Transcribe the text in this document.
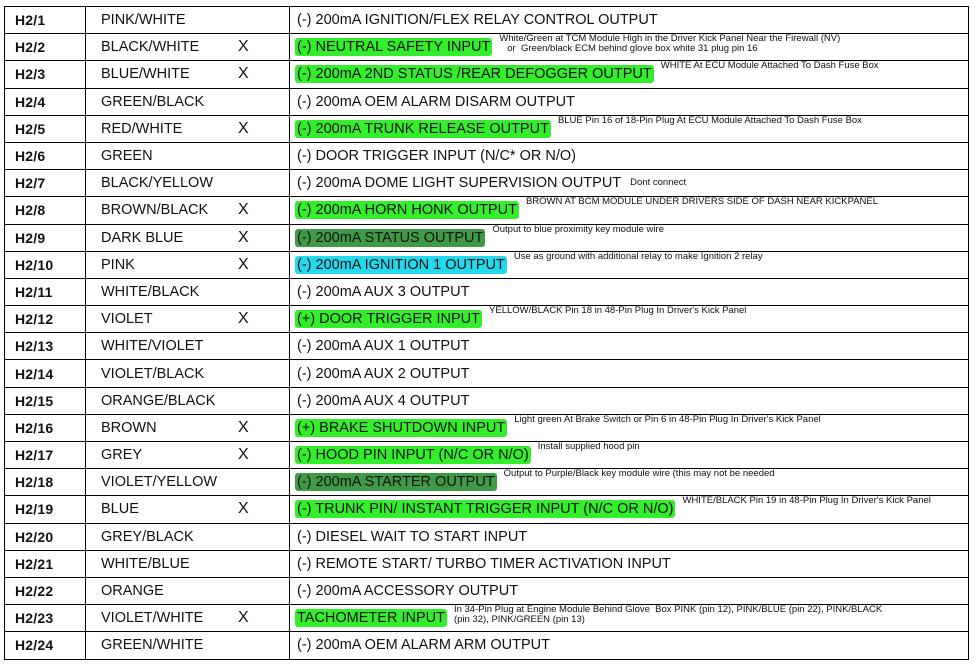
H2/1	PINK/WHITE	(-) 200mA IGNITION/FLEX RELAY CONTROL OUTPUT
H2/2	BLACK/WHITE X	(-) NEUTRAL SAFETY INPUTWhite/Green at TCM Module High in the Driver Kick Panel Near the Firewall (NV)
or  Green/black ECM behind glove box white 31 plug pin 16
H2/3	BLUE/WHITE X	(-) 200mA 2ND STATUS /REAR DEFOGGER OUTPUTWHITE At ECU Module Attached To Dash Fuse Box
H2/4	GREEN/BLACK	(-) 200mA OEM ALARM DISARM OUTPUT
H2/5	RED/WHITE X	(-) 200mA TRUNK RELEASE OUTPUTBLUE Pin 16 of 18-Pin Plug At ECU Module Attached To Dash Fuse Box
H2/6	GREEN	(-) DOOR TRIGGER INPUT (N/C* OR N/O)
H2/7	BLACK/YELLOW	(-) 200mA DOME LIGHT SUPERVISION OUTPUT Dont connect
H2/8	BROWN/BLACK X	(-) 200mA HORN HONK OUTPUTBROWN AT BCM MODULE UNDER DRIVERS SIDE OF DASH NEAR KICKPANEL
H2/9	DARK BLUE X	(-) 200mA STATUS OUTPUTOutput to blue proximity key module wire
H2/10	PINK X	(-) 200mA IGNITION 1 OUTPUTUse as ground with additional relay to make Ignition 2 relay
H2/11	WHITE/BLACK	(-) 200mA AUX 3 OUTPUT
H2/12	VIOLET X	(+) DOOR TRIGGER INPUTYELLOW/BLACK Pin 18 in 48-Pin Plug In Driver's Kick Panel
H2/13	WHITE/VIOLET	(-) 200mA AUX 1 OUTPUT
H2/14	VIOLET/BLACK	(-) 200mA AUX 2 OUTPUT
H2/15	ORANGE/BLACK	(-) 200mA AUX 4 OUTPUT
H2/16	BROWN X	(+) BRAKE SHUTDOWN INPUTLight green At Brake Switch or Pin 6 in 48-Pin Plug In Driver's Kick Panel
H2/17	GREY X	(-) HOOD PIN INPUT (N/C OR N/O)Install supplied hood pin
H2/18	VIOLET/YELLOW	(-) 200mA STARTER OUTPUTOutput to Purple/Black key module wire (this may not be needed
H2/19	BLUE X	(-) TRUNK PIN/ INSTANT TRIGGER INPUT (N/C OR N/O)WHITE/BLACK Pin 19 in 48-Pin Plug In Driver's Kick Panel
H2/20	GREY/BLACK	(-) DIESEL WAIT TO START INPUT
H2/21	WHITE/BLUE	(-) REMOTE START/ TURBO TIMER ACTIVATION INPUT
H2/22	ORANGE	(-) 200mA ACCESSORY OUTPUT
H2/23	VIOLET/WHITE X	TACHOMETER INPUTIn 34-Pin Plug at Engine Module Behind Glove  Box PINK (pin 12), PINK/BLUE (pin 22), PINK/BLACK
(pin 32), PINK/GREEN (pin 13)
H2/24	GREEN/WHITE	(-) 200mA OEM ALARM ARM OUTPUT
